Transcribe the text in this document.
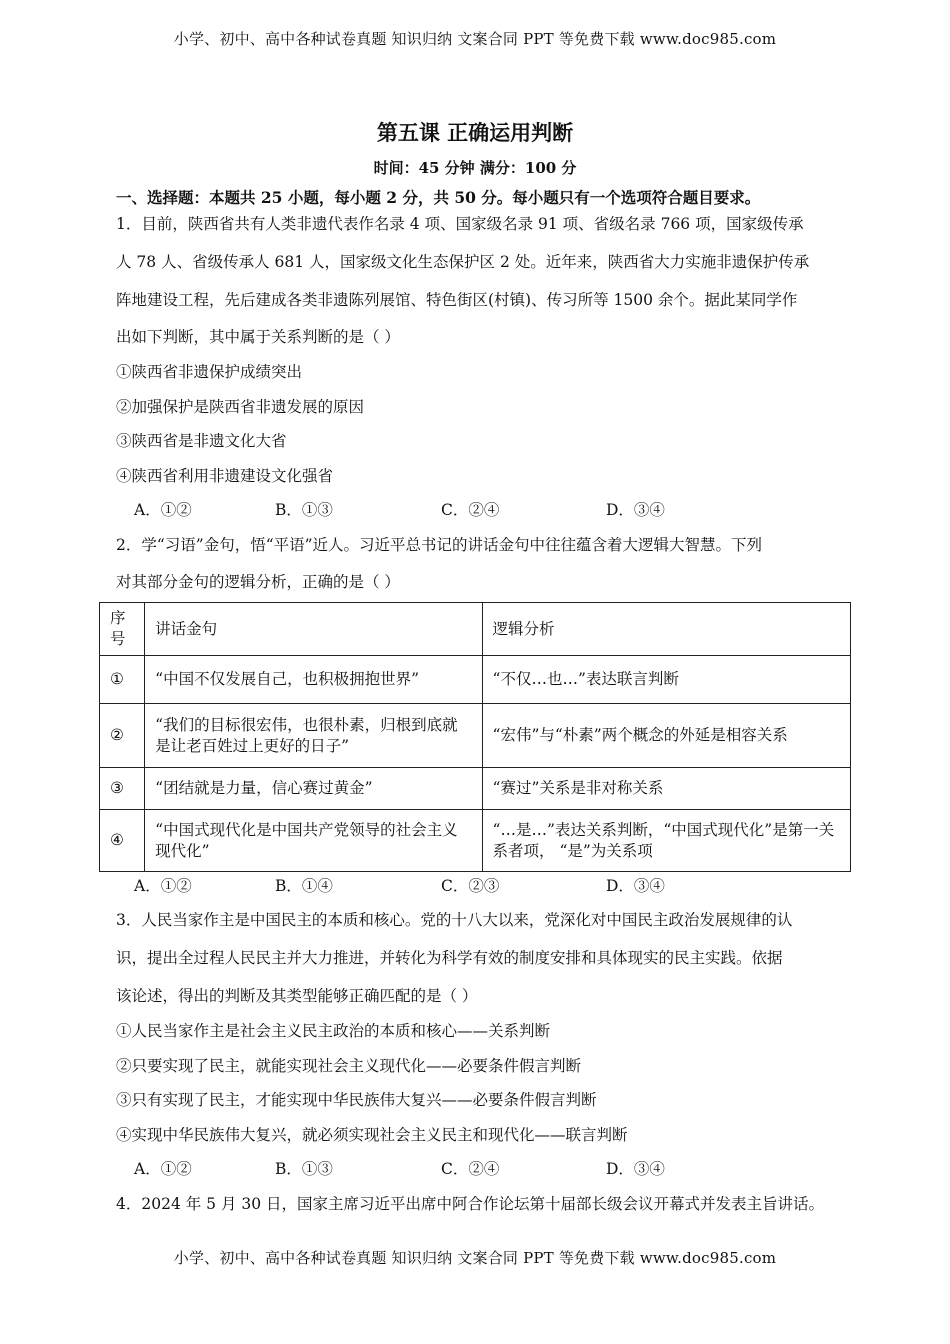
小学、初中、高中各种试卷真题 知识归纳 文案合同 PPT 等免费下载 www.doc985.com
第五课 正确运用判断
时间：45 分钟 满分：100 分
一、选择题：本题共 25 小题，每小题 2 分，共 50 分。每小题只有一个选项符合题目要求。
1．目前，陕西省共有人类非遗代表作名录 4 项、国家级名录 91 项、省级名录 766 项，国家级传承
人 78 人、省级传承人 681 人，国家级文化生态保护区 2 处。近年来，陕西省大力实施非遗保护传承
阵地建设工程，先后建成各类非遗陈列展馆、特色街区(村镇)、传习所等 1500 余个。据此某同学作
出如下判断，其中属于关系判断的是（ ）
①陕西省非遗保护成绩突出
②加强保护是陕西省非遗发展的原因
③陕西省是非遗文化大省
④陕西省利用非遗建设文化强省
A．①②	B．①③	C．②④	D．③④
2．学“习语”金句，悟“平语”近人。习近平总书记的讲话金句中往往蕴含着大逻辑大智慧。下列
对其部分金句的逻辑分析，正确的是（ ）
序号	讲话金句	逻辑分析
①	“中国不仅发展自己，也积极拥抱世界”	“不仅…也…”表达联言判断
②	“我们的目标很宏伟，也很朴素，归根到底就是让老百姓过上更好的日子”	“宏伟”与“朴素”两个概念的外延是相容关系
③	“团结就是力量，信心赛过黄金”	“赛过”关系是非对称关系
④	“中国式现代化是中国共产党领导的社会主义现代化”	“…是…”表达关系判断，“中国式现代化”是第一关系者项， “是”为关系项
A．①②	B．①④	C．②③	D．③④
3．人民当家作主是中国民主的本质和核心。党的十八大以来，党深化对中国民主政治发展规律的认
识，提出全过程人民民主并大力推进，并转化为科学有效的制度安排和具体现实的民主实践。依据
该论述，得出的判断及其类型能够正确匹配的是（ ）
①人民当家作主是社会主义民主政治的本质和核心——关系判断
②只要实现了民主，就能实现社会主义现代化——必要条件假言判断
③只有实现了民主，才能实现中华民族伟大复兴——必要条件假言判断
④实现中华民族伟大复兴，就必须实现社会主义民主和现代化——联言判断
A．①②	B．①③	C．②④	D．③④
4．2024 年 5 月 30 日，国家主席习近平出席中阿合作论坛第十届部长级会议开幕式并发表主旨讲话。
小学、初中、高中各种试卷真题 知识归纳 文案合同 PPT 等免费下载 www.doc985.com
